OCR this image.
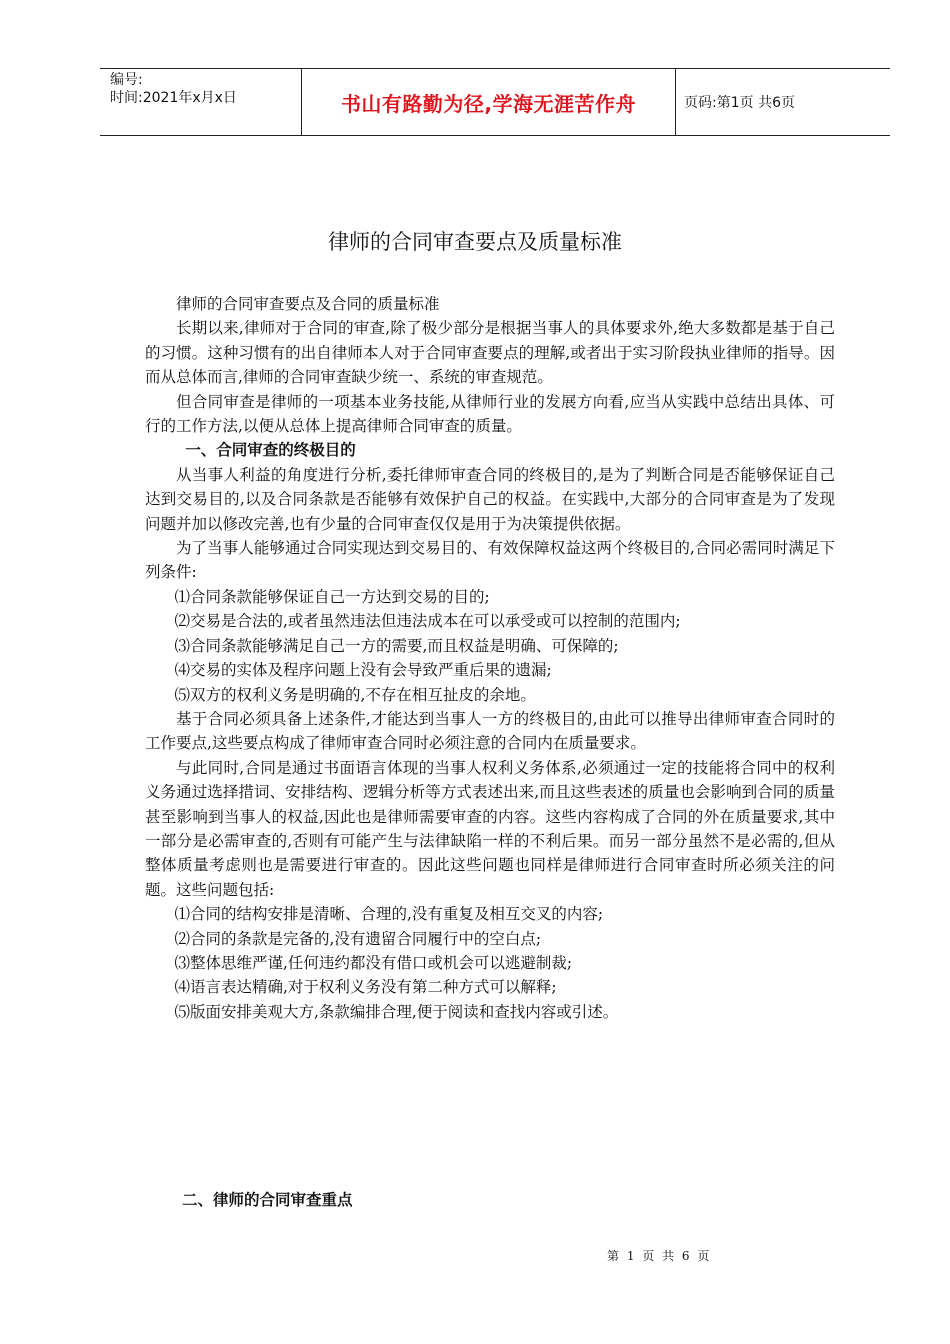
编号:
时间:2021年x月x日	书山有路勤为径,学海无涯苦作舟	页码:第1页 共6页
律师的合同审查要点及质量标准

律师的合同审查要点及合同的质量标准

长期以来,律师对于合同的审查,除了极少部分是根据当事人的具体要求外,绝大多数都是基于自己的习惯。这种习惯有的出自律师本人对于合同审查要点的理解,或者出于实习阶段执业律师的指导。因而从总体而言,律师的合同审查缺少统一、系统的审查规范。

但合同审查是律师的一项基本业务技能,从律师行业的发展方向看,应当从实践中总结出具体、可行的工作方法,以便从总体上提高律师合同审查的质量。

一、合同审查的终极目的

从当事人利益的角度进行分析,委托律师审查合同的终极目的,是为了判断合同是否能够保证自己达到交易目的,以及合同条款是否能够有效保护自己的权益。在实践中,大部分的合同审查是为了发现问题并加以修改完善,也有少量的合同审查仅仅是用于为决策提供依据。

为了当事人能够通过合同实现达到交易目的、有效保障权益这两个终极目的,合同必需同时满足下列条件:

⑴合同条款能够保证自己一方达到交易的目的;

⑵交易是合法的,或者虽然违法但违法成本在可以承受或可以控制的范围内;

⑶合同条款能够满足自己一方的需要,而且权益是明确、可保障的;

⑷交易的实体及程序问题上没有会导致严重后果的遗漏;

⑸双方的权利义务是明确的,不存在相互扯皮的余地。

基于合同必须具备上述条件,才能达到当事人一方的终极目的,由此可以推导出律师审查合同时的工作要点,这些要点构成了律师审查合同时必须注意的合同内在质量要求。

与此同时,合同是通过书面语言体现的当事人权利义务体系,必须通过一定的技能将合同中的权利义务通过选择措词、安排结构、逻辑分析等方式表述出来,而且这些表述的质量也会影响到合同的质量甚至影响到当事人的权益,因此也是律师需要审查的内容。这些内容构成了合同的外在质量要求,其中一部分是必需审查的,否则有可能产生与法律缺陷一样的不利后果。而另一部分虽然不是必需的,但从整体质量考虑则也是需要进行审查的。因此这些问题也同样是律师进行合同审查时所必须关注的问题。这些问题包括:

⑴合同的结构安排是清晰、合理的,没有重复及相互交叉的内容;

⑵合同的条款是完备的,没有遗留合同履行中的空白点;

⑶整体思维严谨,任何违约都没有借口或机会可以逃避制裁;

⑷语言表达精确,对于权利义务没有第二种方式可以解释;

⑸版面安排美观大方,条款编排合理,便于阅读和查找内容或引述。

二、律师的合同审查重点
第 1 页 共 6 页
